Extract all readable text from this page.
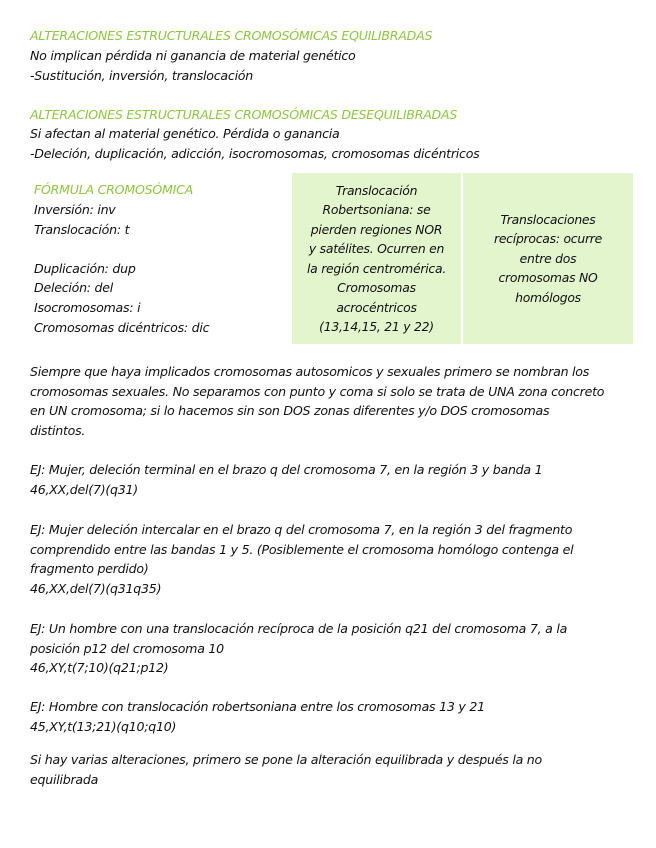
ALTERACIONES ESTRUCTURALES CROMOSÓMICAS EQUILIBRADAS
No implican pérdida ni ganancia de material genético
-Sustitución, inversión, translocación
ALTERACIONES ESTRUCTURALES CROMOSÓMICAS DESEQUILIBRADAS
Si afectan al material genético. Pérdida o ganancia
-Deleción, duplicación, adicción, isocromosomas, cromosomas dicéntricos
FÓRMULA CROMOSÓMICA
Inversión: inv
Translocación: t
Duplicación: dup
Deleción: del
Isocromosomas: i
Cromosomas dicéntricos: dic
Translocación
Robertsoniana: se
pierden regiones NOR
y satélites. Ocurren en
la región centromérica.
Cromosomas
acrocéntricos
(13,14,15, 21 y 22)
Translocaciones
recíprocas: ocurre
entre dos
cromosomas NO
homólogos

Siempre que haya implicados cromosomas autosomicos y sexuales primero se nombran los

cromosomas sexuales. No separamos con punto y coma si solo se trata de UNA zona concreto

en UN cromosoma; si lo hacemos sin son DOS zonas diferentes y/o DOS cromosomas

distintos.

EJ: Mujer, deleción terminal en el brazo q del cromosoma 7, en la región 3 y banda 1

46,XX,del(7)(q31)

EJ: Mujer deleción intercalar en el brazo q del cromosoma 7, en la región 3 del fragmento

comprendido entre las bandas 1 y 5. (Posiblemente el cromosoma homólogo contenga el

fragmento perdido)

46,XX,del(7)(q31q35)

EJ: Un hombre con una translocación recíproca de la posición q21 del cromosoma 7, a la

posición p12 del cromosoma 10

46,XY,t(7;10)(q21;p12)

EJ: Hombre con translocación robertsoniana entre los cromosomas 13 y 21

45,XY,t(13;21)(q10;q10)

Si hay varias alteraciones, primero se pone la alteración equilibrada y después la no

equilibrada
